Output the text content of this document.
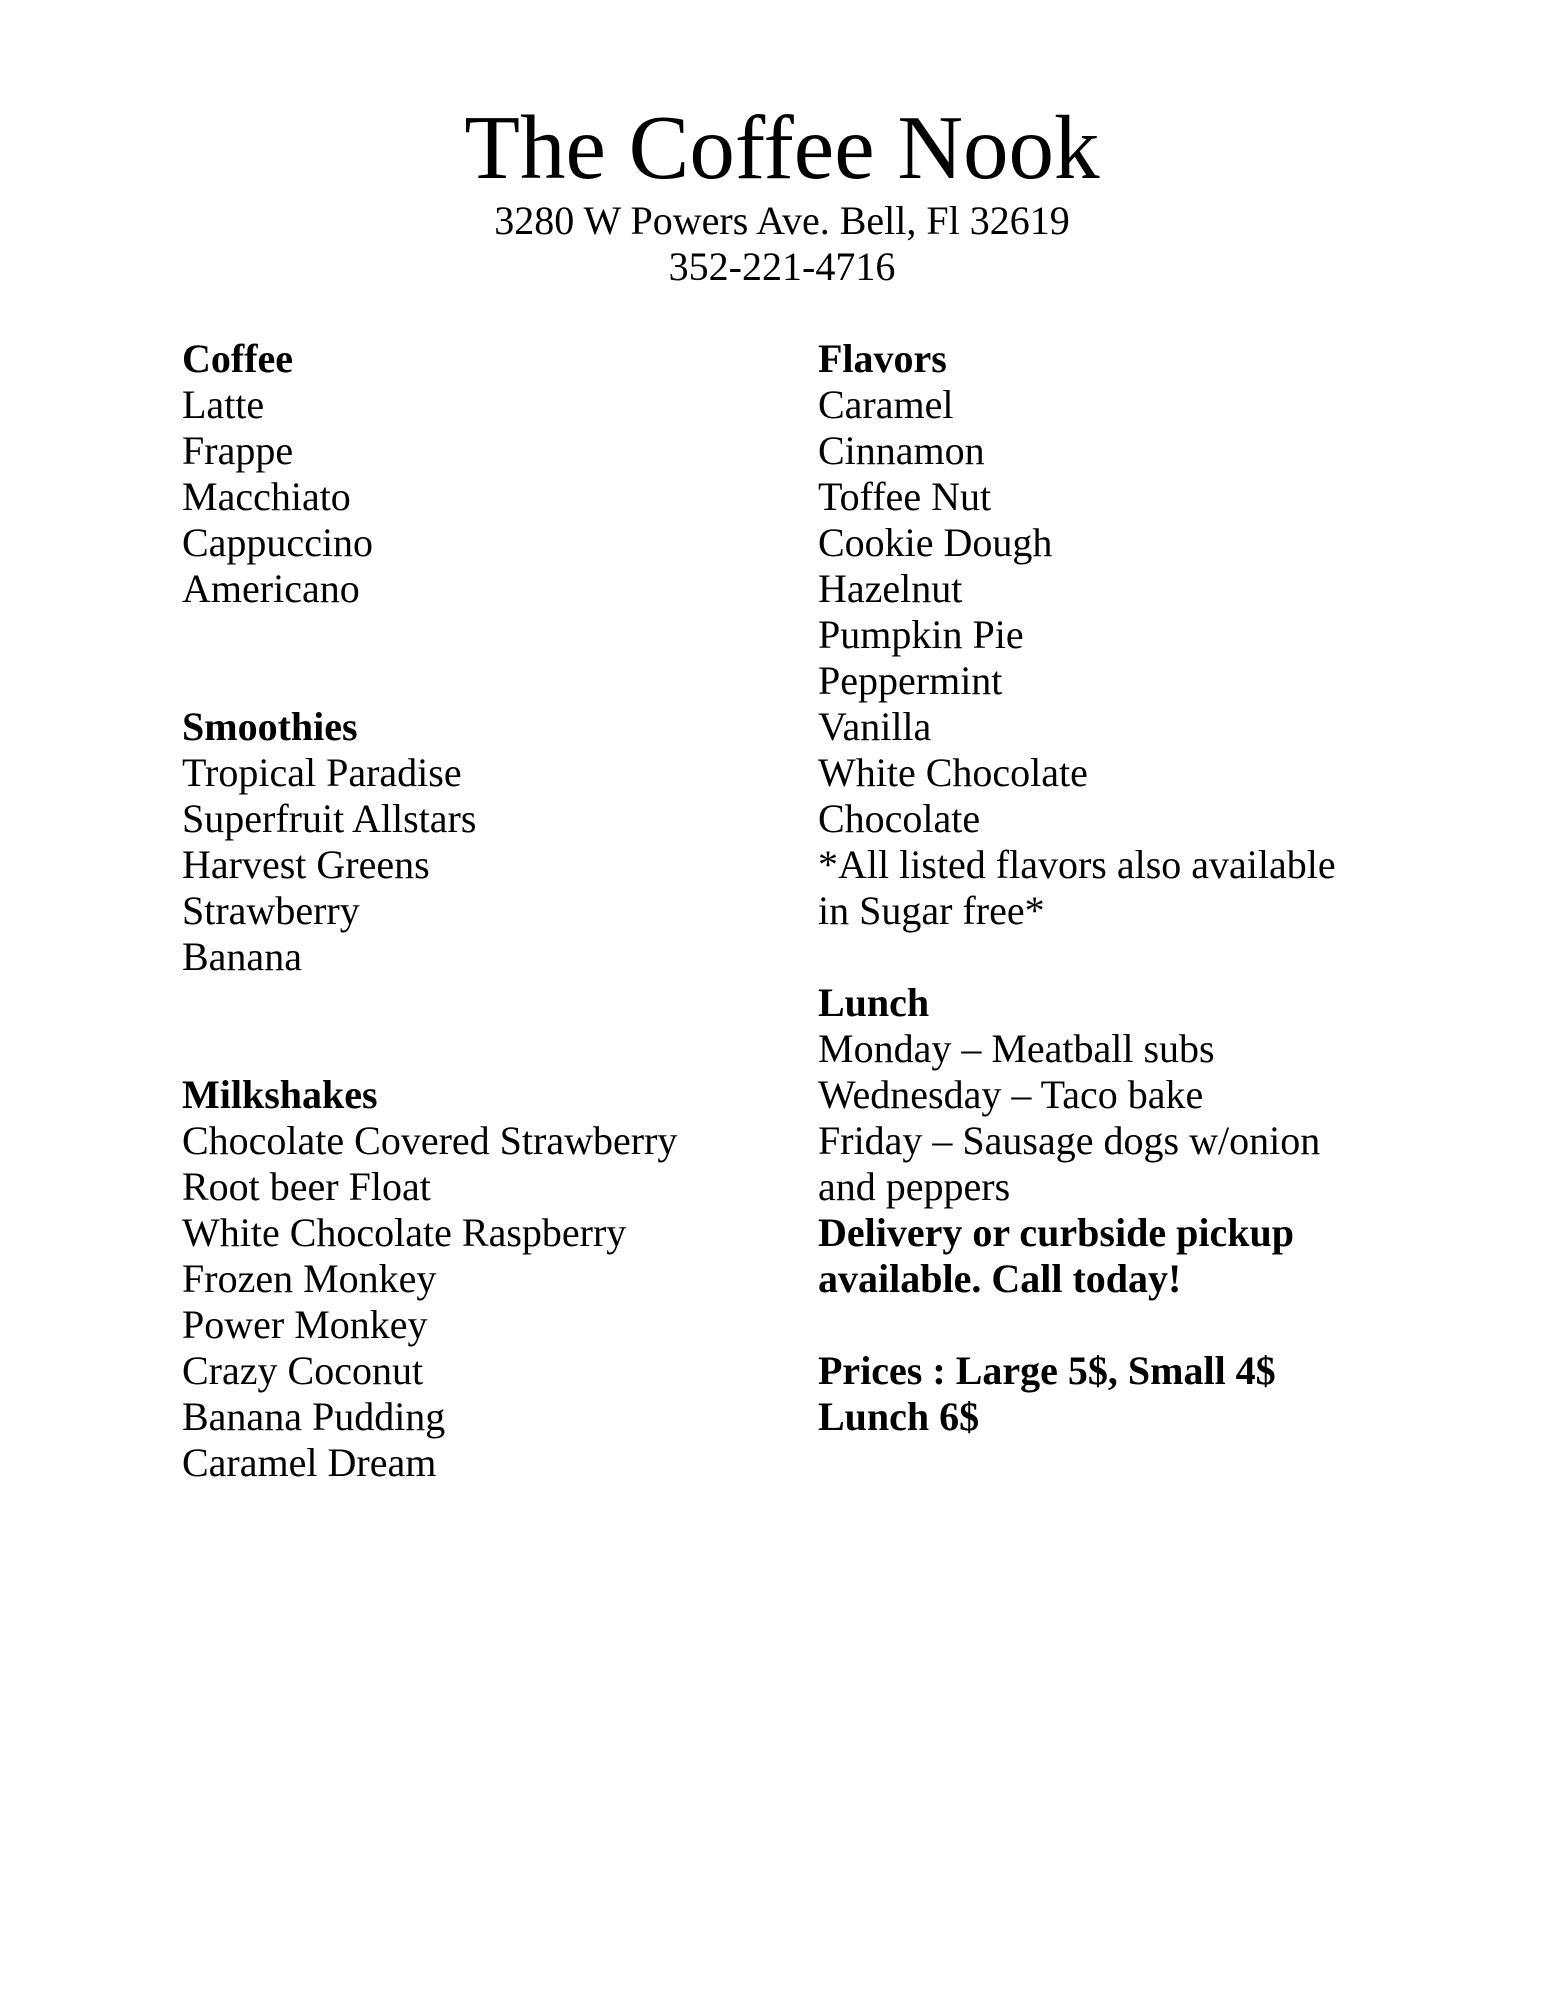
The Coffee Nook
3280 W Powers Ave. Bell, Fl 32619
352-221-4716
Coffee
Latte
Frappe
Macchiato
Cappuccino
Americano
Smoothies
Tropical Paradise
Superfruit Allstars
Harvest Greens
Strawberry
Banana
Milkshakes
Chocolate Covered Strawberry
Root beer Float
White Chocolate Raspberry
Frozen Monkey
Power Monkey
Crazy Coconut
Banana Pudding
Caramel Dream
Flavors
Caramel
Cinnamon
Toffee Nut
Cookie Dough
Hazelnut
Pumpkin Pie
Peppermint
Vanilla
White Chocolate
Chocolate
*All listed flavors also available in Sugar free*
Lunch
Monday – Meatball subs
Wednesday – Taco bake
Friday – Sausage dogs w/onion and peppers
Delivery or curbside pickup available. Call today!
Prices : Large 5$, Small 4$
Lunch 6$
